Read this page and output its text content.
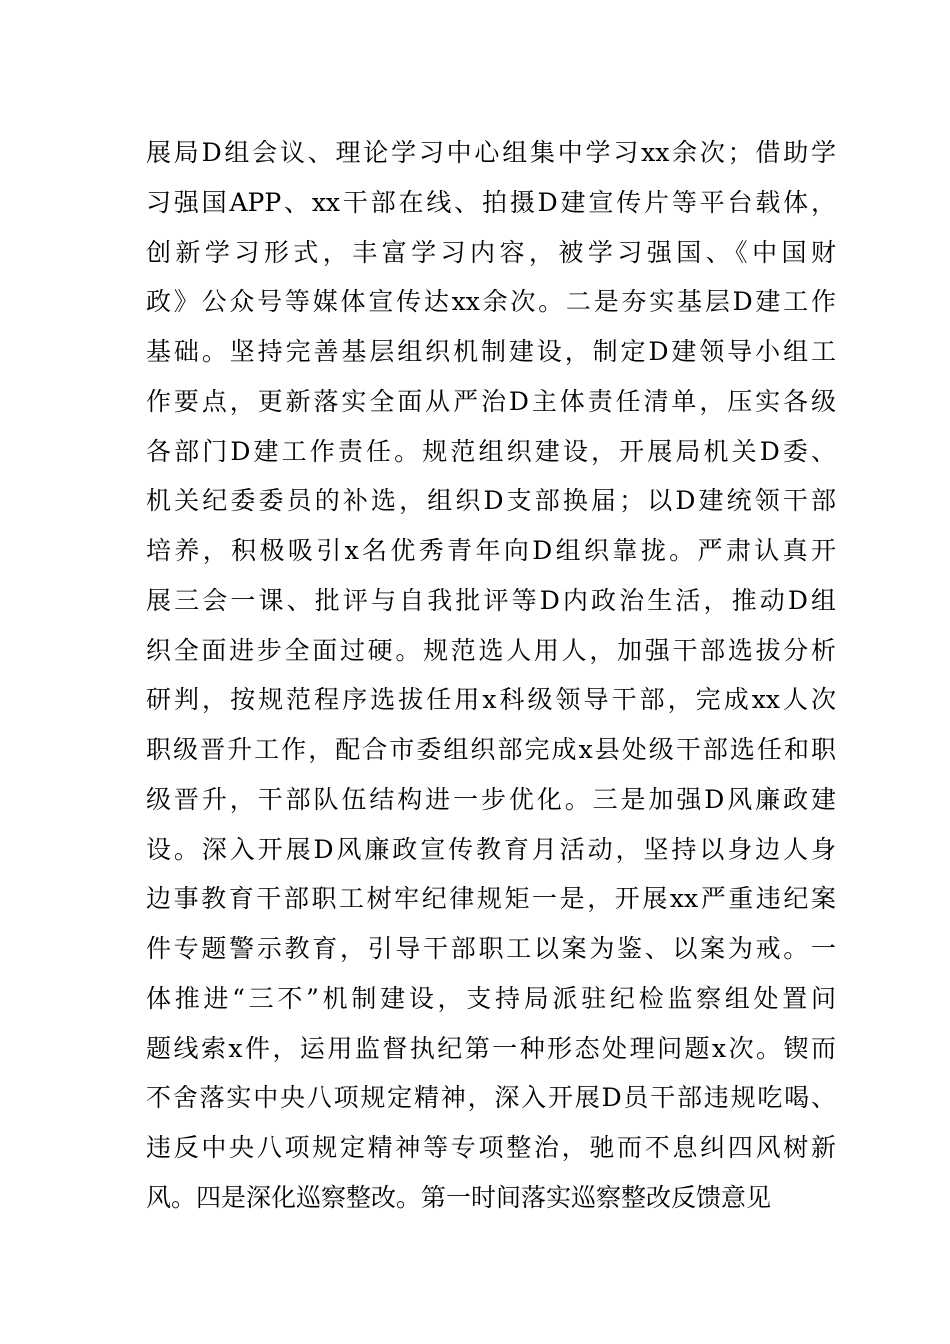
展局D组会议、理论学习中心组集中学习xx余次；借助学
习强国APP、xx干部在线、拍摄D建宣传片等平台载体，
创新学习形式，丰富学习内容，被学习强国、《中国财
政》公众号等媒体宣传达xx余次。二是夯实基层D建工作
基础。坚持完善基层组织机制建设，制定D建领导小组工
作要点，更新落实全面从严治D主体责任清单，压实各级
各部门D建工作责任。规范组织建设，开展局机关D委、
机关纪委委员的补选，组织D支部换届；以D建统领干部
培养，积极吸引x名优秀青年向D组织靠拢。严肃认真开
展三会一课、批评与自我批评等D内政治生活，推动D组
织全面进步全面过硬。规范选人用人，加强干部选拔分析
研判，按规范程序选拔任用x科级领导干部，完成xx人次
职级晋升工作，配合市委组织部完成x县处级干部选任和职
级晋升，干部队伍结构进一步优化。三是加强D风廉政建
设。深入开展D风廉政宣传教育月活动，坚持以身边人身
边事教育干部职工树牢纪律规矩一是，开展xx严重违纪案
件专题警示教育，引导干部职工以案为鉴、以案为戒。一
体推进“三不”机制建设，支持局派驻纪检监察组处置问
题线索x件，运用监督执纪第一种形态处理问题x次。锲而
不舍落实中央八项规定精神，深入开展D员干部违规吃喝、
违反中央八项规定精神等专项整治，驰而不息纠四风树新
风。四是深化巡察整改。第一时间落实巡察整改反馈意见
